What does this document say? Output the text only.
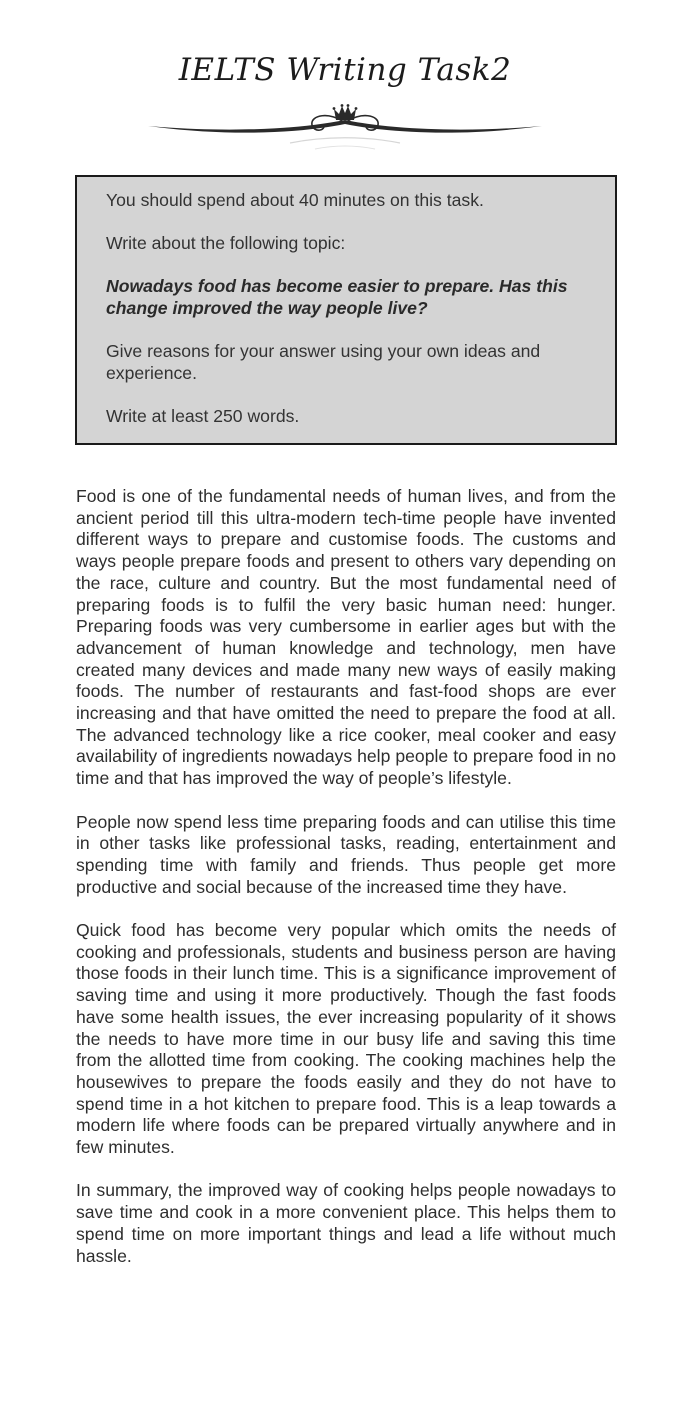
IELTS Writing Task2

You should spend about 40 minutes on this task.

Write about the following topic:

Nowadays food has become easier to prepare. Has this change improved the way people live?

Give reasons for your answer using your own ideas and experience.

Write at least 250 words.

Food is one of the fundamental needs of human lives, and from the ancient period till this ultra-modern tech-time people have invented different ways to prepare and customise foods. The customs and ways people prepare foods and present to others vary depending on the race, culture and country. But the most fundamental need of preparing foods is to fulfil the very basic human need: hunger. Preparing foods was very cumbersome in earlier ages but with the advancement of human knowledge and technology, men have created many devices and made many new ways of easily making foods. The number of restaurants and fast-food shops are ever increasing and that have omitted the need to prepare the food at all. The advanced technology like a rice cooker, meal cooker and easy availability of ingredients nowadays help people to prepare food in no time and that has improved the way of people’s lifestyle.

People now spend less time preparing foods and can utilise this time in other tasks like professional tasks, reading, entertainment and spending time with family and friends. Thus people get more productive and social because of the increased time they have.

Quick food has become very popular which omits the needs of cooking and professionals, students and business person are having those foods in their lunch time. This is a significance improvement of saving time and using it more productively. Though the fast foods have some health issues, the ever increasing popularity of it shows the needs to have more time in our busy life and saving this time from the allotted time from cooking. The cooking machines help the housewives to prepare the foods easily and they do not have to spend time in a hot kitchen to prepare food. This is a leap towards a modern life where foods can be prepared virtually anywhere and in few minutes.

In summary, the improved way of cooking helps people nowadays to save time and cook in a more convenient place. This helps them to spend time on more important things and lead a life without much hassle.
